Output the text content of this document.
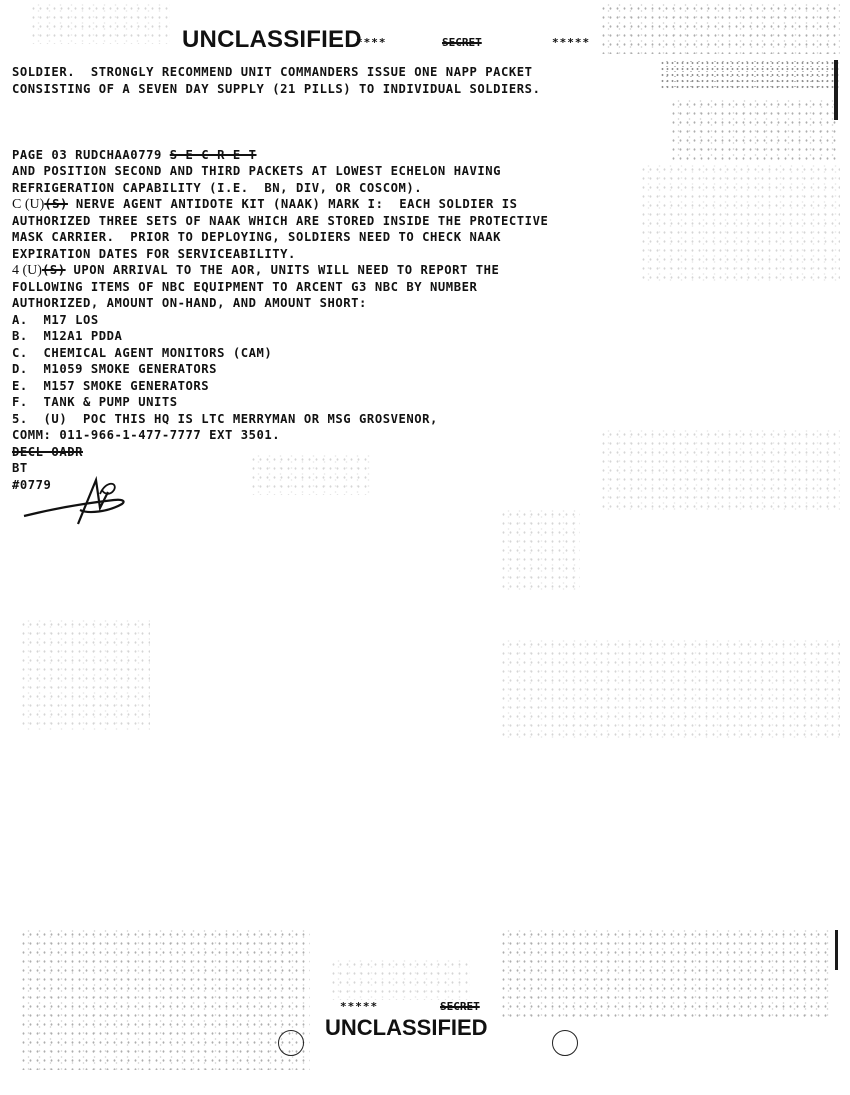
UNCLASSIFIED
****	SECRET	*****
SOLDIER.  STRONGLY RECOMMEND UNIT COMMANDERS ISSUE ONE NAPP PACKET
CONSISTING OF A SEVEN DAY SUPPLY (21 PILLS) TO INDIVIDUAL SOLDIERS.
PAGE 03 RUDCHAA0779 S E C R E T
AND POSITION SECOND AND THIRD PACKETS AT LOWEST ECHELON HAVING
REFRIGERATION CAPABILITY (I.E.  BN, DIV, OR COSCOM).
C (U)(S) NERVE AGENT ANTIDOTE KIT (NAAK) MARK I:  EACH SOLDIER IS
AUTHORIZED THREE SETS OF NAAK WHICH ARE STORED INSIDE THE PROTECTIVE
MASK CARRIER.  PRIOR TO DEPLOYING, SOLDIERS NEED TO CHECK NAAK
EXPIRATION DATES FOR SERVICEABILITY.
4 (U)(S) UPON ARRIVAL TO THE AOR, UNITS WILL NEED TO REPORT THE
FOLLOWING ITEMS OF NBC EQUIPMENT TO ARCENT G3 NBC BY NUMBER
AUTHORIZED, AMOUNT ON-HAND, AND AMOUNT SHORT:
A.  M17 LOS
B.  M12A1 PDDA
C.  CHEMICAL AGENT MONITORS (CAM)
D.  M1059 SMOKE GENERATORS
E.  M157 SMOKE GENERATORS
F.  TANK & PUMP UNITS
5.  (U)  POC THIS HQ IS LTC MERRYMAN OR MSG GROSVENOR,
COMM: 011-966-1-477-7777 EXT 3501.
DECL OADR
BT
#0779
*****	SECRET
UNCLASSIFIED
